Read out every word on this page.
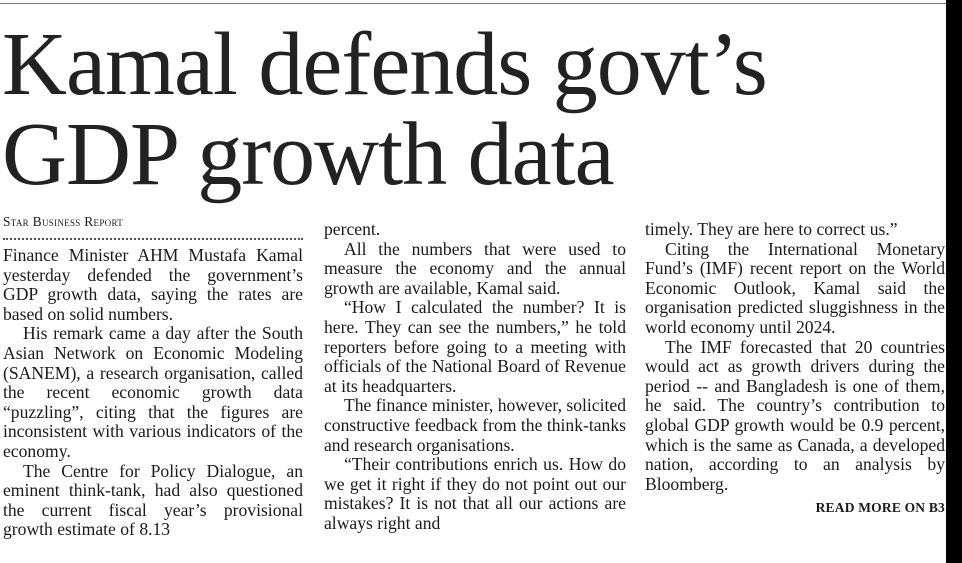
Kamal defends govt’s
GDP growth data
Star Business Report

Finance Minister AHM Mustafa Kamal yesterday defended the government’s GDP growth data, saying the rates are based on solid numbers.

His remark came a day after the South Asian Network on Economic Modeling (SANEM), a research organisation, called the recent economic growth data “puzzling”, citing that the figures are inconsistent with various indicators of the economy.

The Centre for Policy Dialogue, an eminent think-tank, had also questioned the current fiscal year’s provisional growth estimate of 8.13

percent.

All the numbers that were used to measure the economy and the annual growth are available, Kamal said.

“How I calculated the number? It is here. They can see the numbers,” he told reporters before going to a meeting with officials of the National Board of Revenue at its headquarters.

The finance minister, however, solicited constructive feedback from the think-tanks and research organisations.

“Their contributions enrich us. How do we get it right if they do not point out our mistakes? It is not that all our actions are always right and

timely. They are here to correct us.”

Citing the International Monetary Fund’s (IMF) recent report on the World Economic Outlook, Kamal said the organisation predicted sluggishness in the world economy until 2024.

The IMF forecasted that 20 countries would act as growth drivers during the period -- and Bangladesh is one of them, he said. The country’s contribution to global GDP growth would be 0.9 percent, which is the same as Canada, a developed nation, according to an analysis by Bloomberg.

READ MORE ON B3
